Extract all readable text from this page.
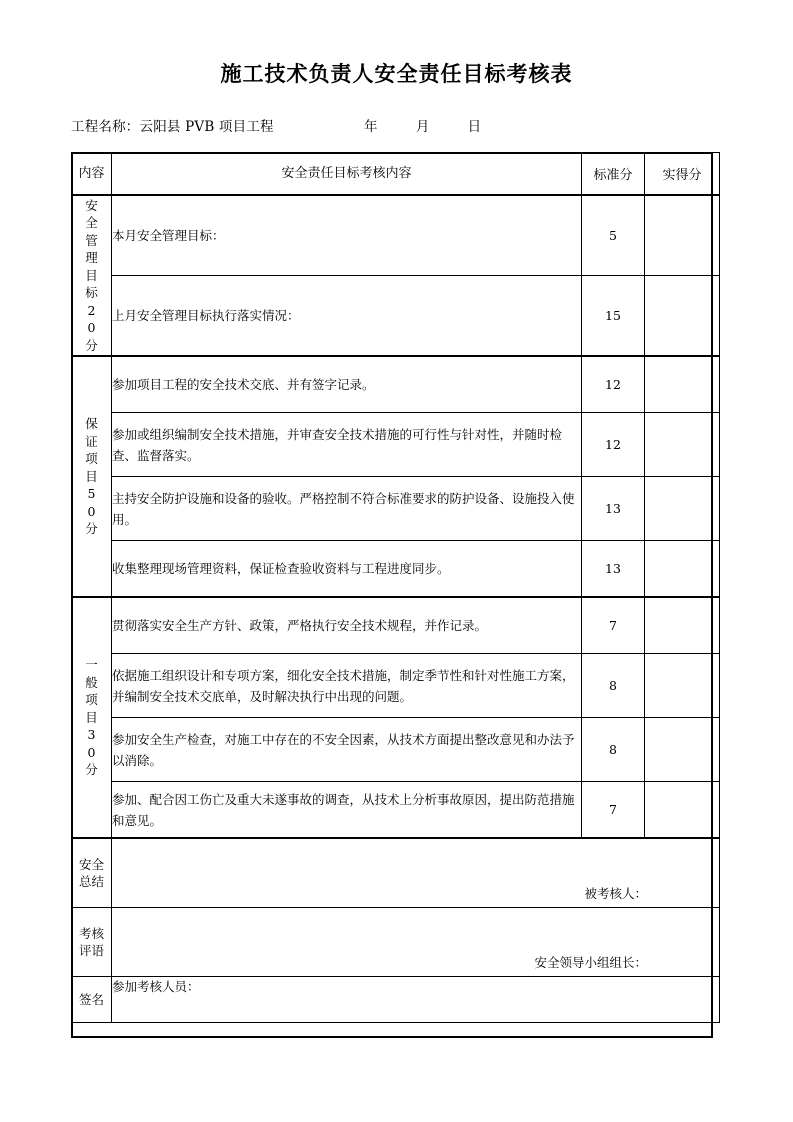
施工技术负责人安全责任目标考核表
工程名称：云阳县 PVB 项目工程	年	月	日
内容	安全责任目标考核内容	标准分	实得分

安全管理目标20分	本月安全管理目标：	5	
	上月安全管理目标执行落实情况：	15	

保证项目50分	参加项目工程的安全技术交底、并有签字记录。	12	
	参加或组织编制安全技术措施，并审查安全技术措施的可行性与针对性，并随时检查、监督落实。	12	
	主持安全防护设施和设备的验收。严格控制不符合标准要求的防护设备、设施投入使用。	13	
	收集整理现场管理资料，保证检查验收资料与工程进度同步。	13	

一般项目30分	贯彻落实安全生产方针、政策，严格执行安全技术规程，并作记录。	7	
	依据施工组织设计和专项方案，细化安全技术措施，制定季节性和针对性施工方案，并编制安全技术交底单，及时解决执行中出现的问题。	8	
	参加安全生产检查，对施工中存在的不安全因素，从技术方面提出整改意见和办法予以消除。	8	
	参加、配合因工伤亡及重大未遂事故的调查，从技术上分析事故原因，提出防范措施和意见。	7	

安全总结	被考核人：		

考核评语	安全领导小组组长：		

签名	参加考核人员：		
